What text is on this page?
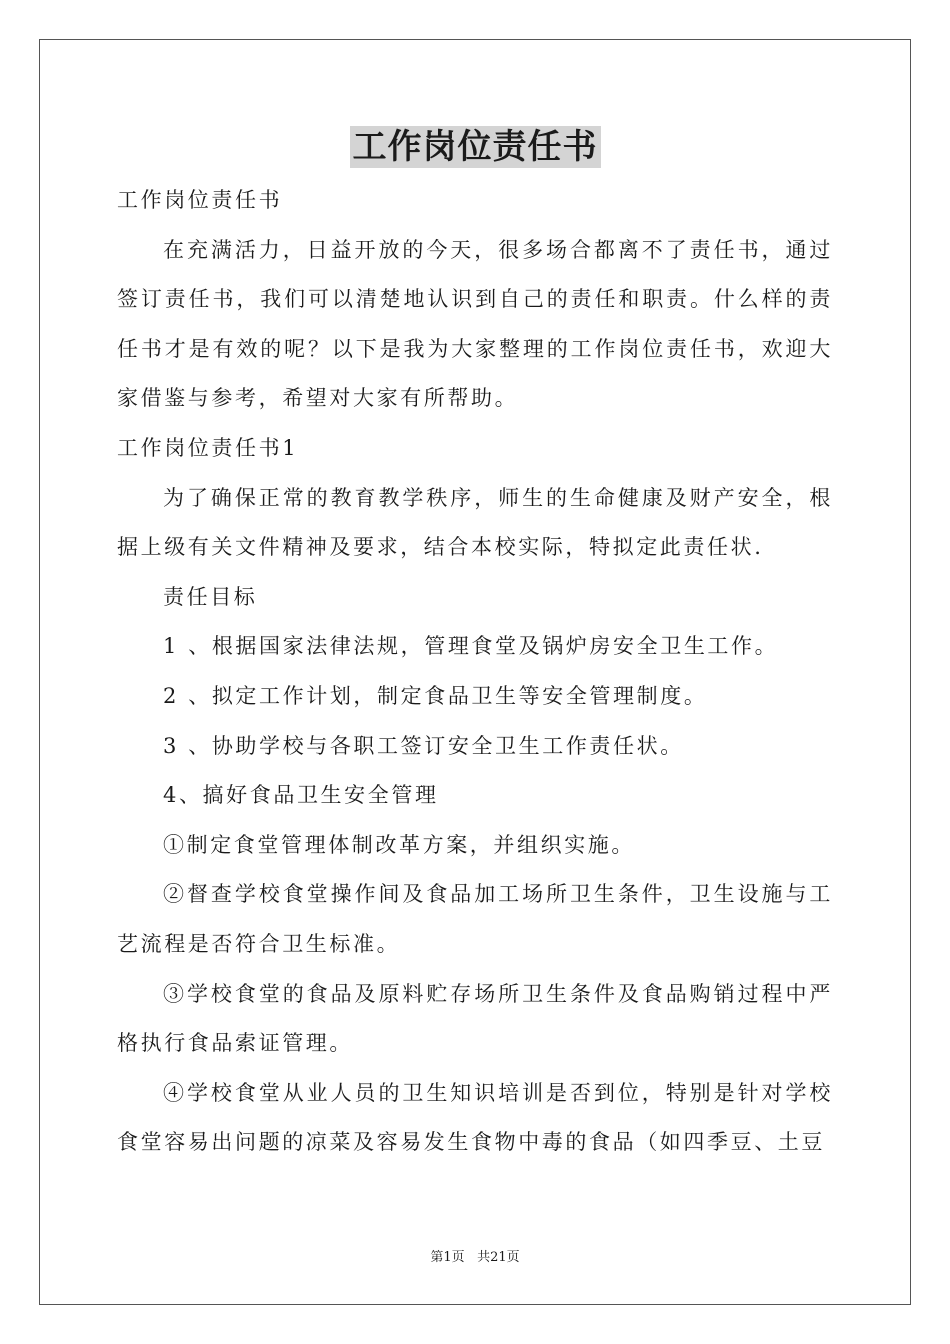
工作岗位责任书

工作岗位责任书

在充满活力，日益开放的今天，很多场合都离不了责任书，通过签订责任书，我们可以清楚地认识到自己的责任和职责。什么样的责任书才是有效的呢？以下是我为大家整理的工作岗位责任书，欢迎大家借鉴与参考，希望对大家有所帮助。

工作岗位责任书1

为了确保正常的教育教学秩序，师生的生命健康及财产安全，根据上级有关文件精神及要求，结合本校实际，特拟定此责任状.

责任目标

1 、根据国家法律法规，管理食堂及锅炉房安全卫生工作。

2 、拟定工作计划，制定食品卫生等安全管理制度。

3 、协助学校与各职工签订安全卫生工作责任状。

4、搞好食品卫生安全管理

①制定食堂管理体制改革方案，并组织实施。

②督查学校食堂操作间及食品加工场所卫生条件，卫生设施与工艺流程是否符合卫生标准。

③学校食堂的食品及原料贮存场所卫生条件及食品购销过程中严格执行食品索证管理。

④学校食堂从业人员的卫生知识培训是否到位，特别是针对学校食堂容易出问题的凉菜及容易发生食物中毒的食品（如四季豆、土豆

第1页 共21页
